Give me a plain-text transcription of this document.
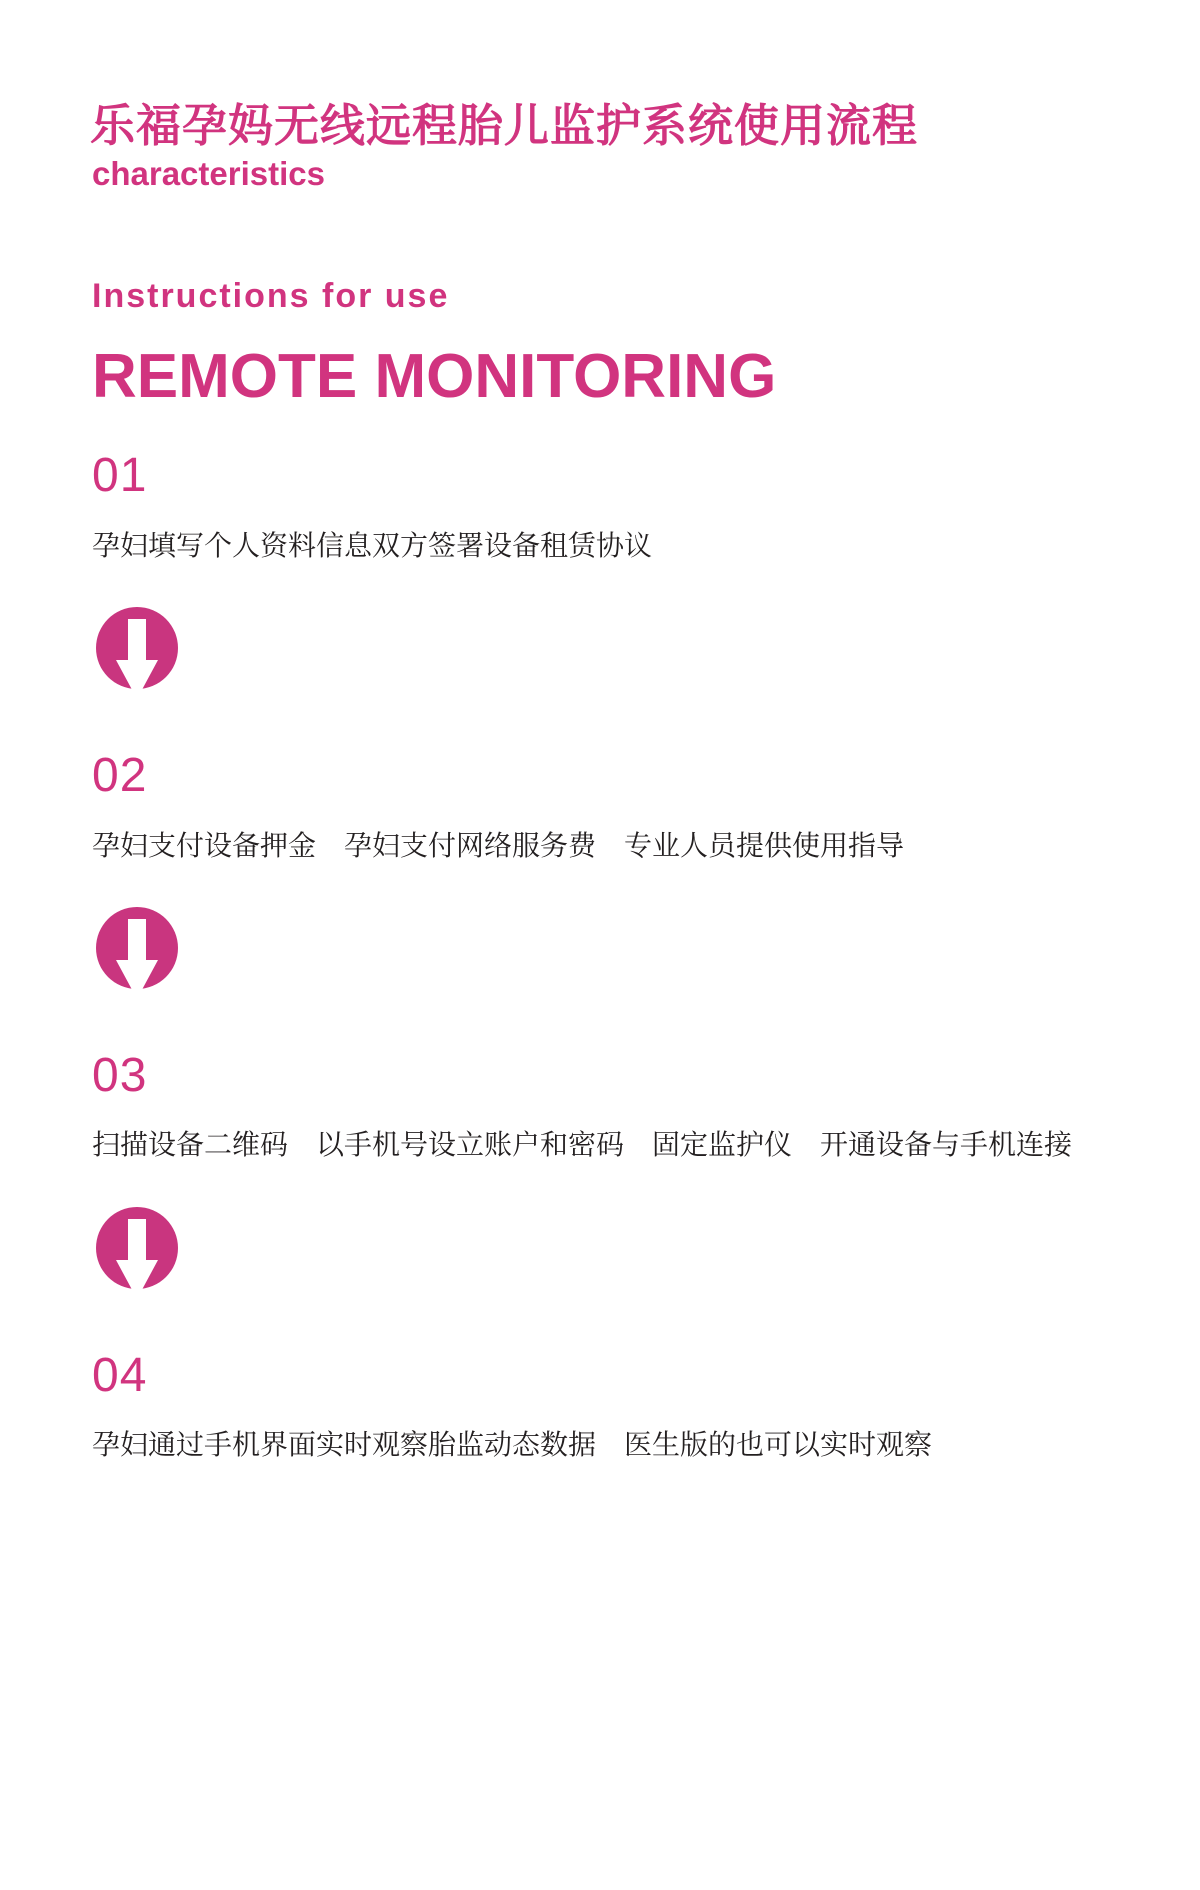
乐福孕妈无线远程胎儿监护系统使用流程
characteristics
Instructions for use
REMOTE MONITORING
01
孕妇填写个人资料信息双方签署设备租赁协议
02
孕妇支付设备押金　孕妇支付网络服务费　专业人员提供使用指导
03
扫描设备二维码　以手机号设立账户和密码　固定监护仪　开通设备与手机连接
04
孕妇通过手机界面实时观察胎监动态数据　医生版的也可以实时观察
